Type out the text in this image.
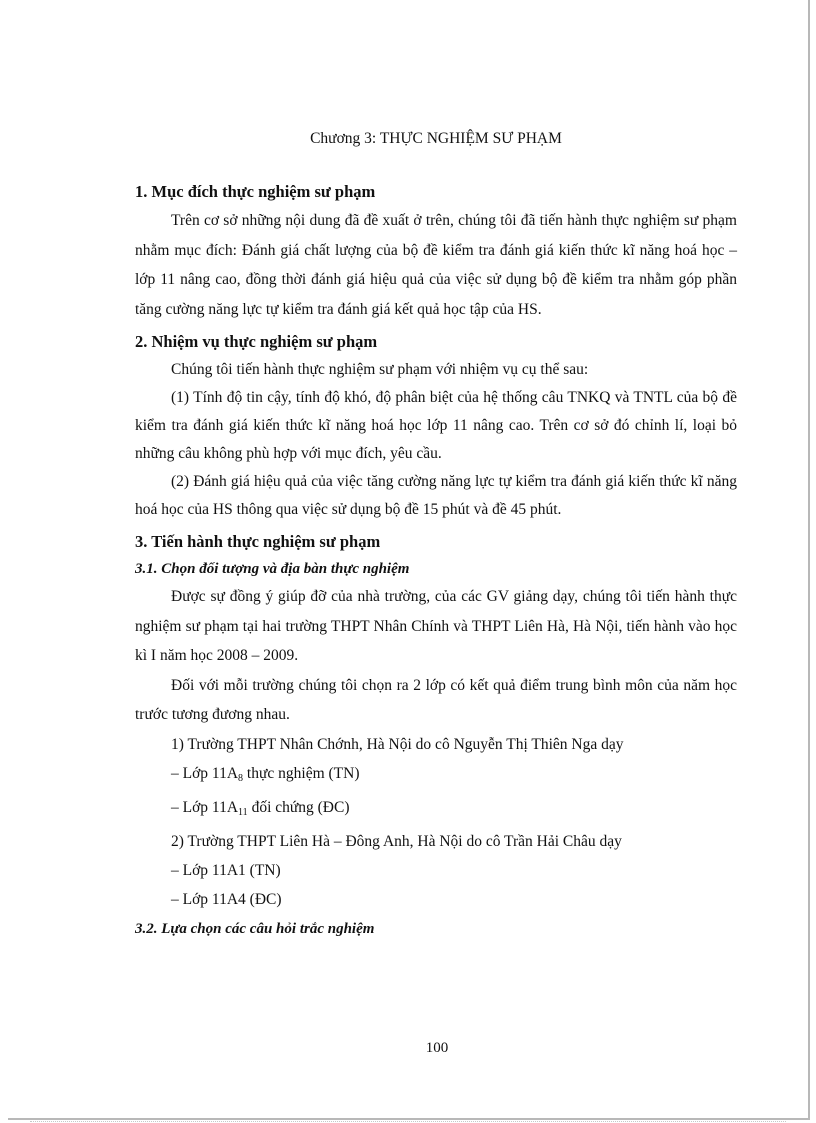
Chương 3: THỰC NGHIỆM SƯ PHẠM
1. Mục đích thực nghiệm sư phạm

Trên cơ sở những nội dung đã đề xuất ở trên, chúng tôi đã tiến hành thực nghiệm sư phạm nhằm mục đích: Đánh giá chất lượng của bộ đề kiểm tra đánh giá kiến thức kĩ năng hoá học – lớp 11 nâng cao, đồng thời đánh giá hiệu quả của việc sử dụng bộ đề kiểm tra nhằm góp phần tăng cường năng lực tự kiểm tra đánh giá kết quả học tập của HS.

2. Nhiệm vụ thực nghiệm sư phạm

Chúng tôi tiến hành thực nghiệm sư phạm với nhiệm vụ cụ thể sau:

(1) Tính độ tin cậy, tính độ khó, độ phân biệt của hệ thống câu TNKQ và TNTL của bộ đề kiểm tra đánh giá kiến thức kĩ năng hoá học lớp 11 nâng cao. Trên cơ sở đó chỉnh lí, loại bỏ những câu không phù hợp với mục đích, yêu cầu.

(2) Đánh giá hiệu quả của việc tăng cường năng lực tự kiểm tra đánh giá kiến thức kĩ năng hoá học của HS thông qua việc sử dụng bộ đề 15 phút và đề 45 phút.

3. Tiến hành thực nghiệm sư phạm
3.1. Chọn đối tượng và địa bàn thực nghiệm

Được sự đồng ý giúp đỡ của nhà trường, của các GV giảng dạy, chúng tôi tiến hành thực nghiệm sư phạm tại hai trường THPT Nhân Chính và THPT Liên Hà, Hà Nội, tiến hành vào học kì I năm học 2008 – 2009.

Đối với mỗi trường chúng tôi chọn ra 2 lớp có kết quả điểm trung bình môn của năm học trước tương đương nhau.

1) Trường THPT Nhân Chớnh, Hà Nội do cô Nguyễn Thị Thiên Nga dạy

– Lớp $11A_8$ thực nghiệm (TN)

– Lớp $11A_{11}$ đối chứng (ĐC)

2) Trường THPT Liên Hà – Đông Anh, Hà Nội do cô Trần Hải Châu dạy

– Lớp 11A1 (TN)

– Lớp 11A4 (ĐC)

3.2. Lựa chọn các câu hỏi trắc nghiệm
100
